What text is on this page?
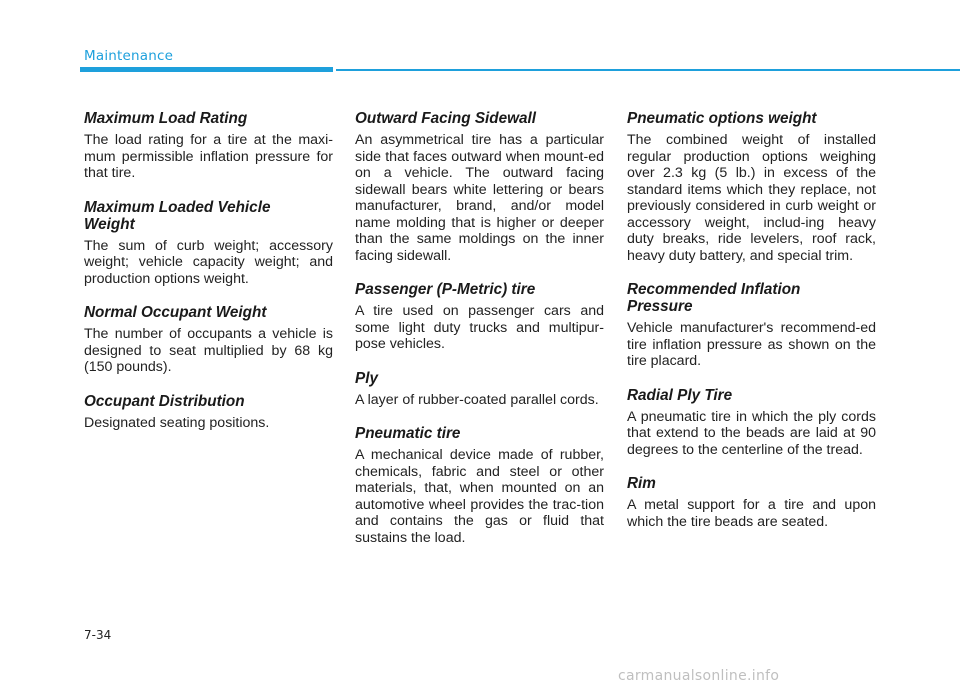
Maintenance
Maximum Load Rating

The load rating for a tire at the maxi-mum permissible inflation pressure for that tire.

Maximum Loaded Vehicle Weight

The sum of curb weight; accessory weight; vehicle capacity weight; and production options weight.

Normal Occupant Weight

The number of occupants a vehicle is designed to seat multiplied by 68 kg (150 pounds).

Occupant Distribution

Designated seating positions.

Outward Facing Sidewall

An asymmetrical tire has a particular side that faces outward when mount-ed on a vehicle. The outward facing sidewall bears white lettering or bears manufacturer, brand, and/or model name molding that is higher or deeper than the same moldings on the inner facing sidewall.

Passenger (P-Metric) tire

A tire used on passenger cars and some light duty trucks and multipur-pose vehicles.

Ply

A layer of rubber-coated parallel cords.

Pneumatic tire

A mechanical device made of rubber, chemicals, fabric and steel or other materials, that, when mounted on an automotive wheel provides the trac-tion and contains the gas or fluid that sustains the load.

Pneumatic options weight

The combined weight of installed regular production options weighing over 2.3 kg (5 lb.) in excess of the standard items which they replace, not previously considered in curb weight or accessory weight, includ-ing heavy duty breaks, ride levelers, roof rack, heavy duty battery, and special trim.

Recommended Inflation Pressure

Vehicle manufacturer's recommend-ed tire inflation pressure as shown on the tire placard.

Radial Ply Tire

A pneumatic tire in which the ply cords that extend to the beads are laid at 90 degrees to the centerline of the tread.

Rim

A metal support for a tire and upon which the tire beads are seated.

7-34
carmanualsonline.info
